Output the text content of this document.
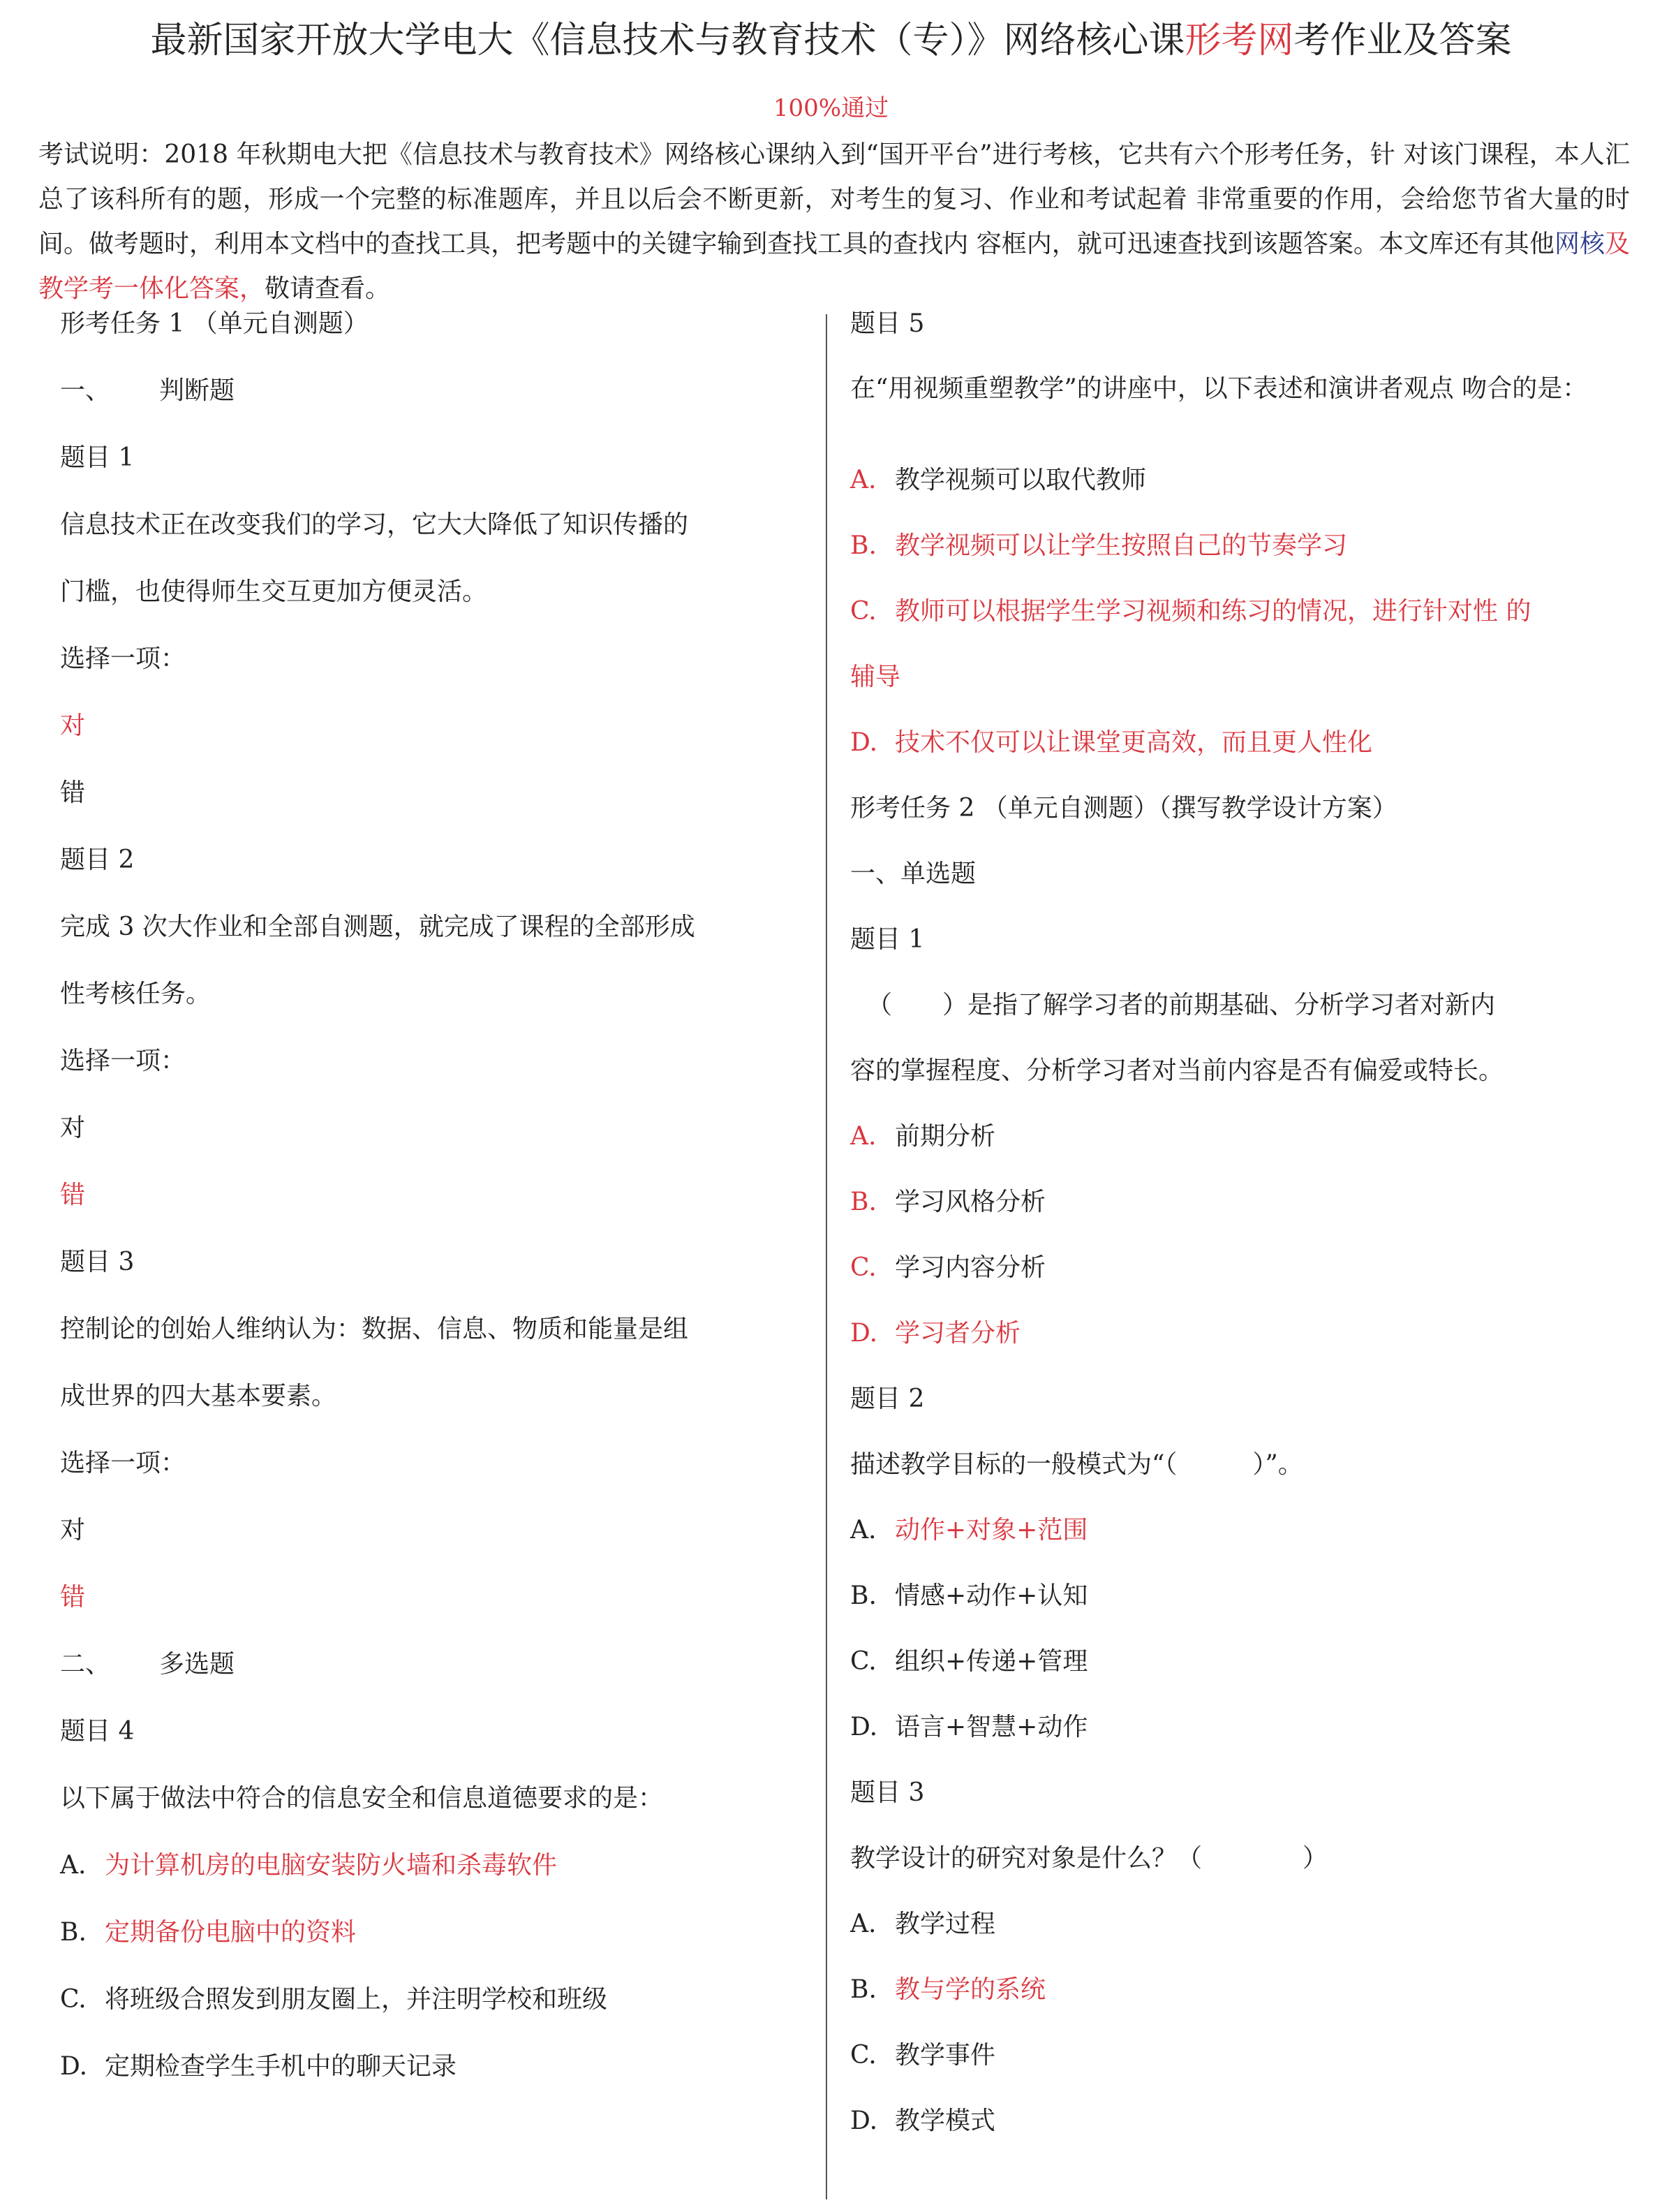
最新国家开放大学电大《信息技术与教育技术（专）》网络核心课形考网考作业及答案
100%通过

考试说明：2018 年秋期电大把《信息技术与教育技术》网络核心课纳入到“国开平台”进行考核，它共有六个形考任务，针 对该门课程，本人汇总了该科所有的题，形成一个完整的标准题库，并且以后会不断更新，对考生的复习、作业和考试起着 非常重要的作用，会给您节省大量的时间。做考题时，利用本文档中的查找工具，把考题中的关键字输到查找工具的查找内 容框内，就可迅速查找到该题答案。本文库还有其他网核及教学考一体化答案，敬请查看。

形考任务 1 （单元自测题）
一、 判断题
题目 1
信息技术正在改变我们的学习，它大大降低了知识传播的
门槛，也使得师生交互更加方便灵活。
选择一项：
对
错
题目 2
完成 3 次大作业和全部自测题，就完成了课程的全部形成
性考核任务。
选择一项：
对
错
题目 3
控制论的创始人维纳认为：数据、信息、物质和能量是组
成世界的四大基本要素。
选择一项：
对
错
二、 多选题
题目 4
以下属于做法中符合的信息安全和信息道德要求的是：
A. 为计算机房的电脑安装防火墙和杀毒软件
B. 定期备份电脑中的资料
C. 将班级合照发到朋友圈上，并注明学校和班级
D. 定期检查学生手机中的聊天记录
题目 5
在“用视频重塑教学”的讲座中，以下表述和演讲者观点 吻合的是：
A. 教学视频可以取代教师
B. 教学视频可以让学生按照自己的节奏学习
C. 教师可以根据学生学习视频和练习的情况，进行针对性 的
辅导
D. 技术不仅可以让课堂更高效，而且更人性化
形考任务 2 （单元自测题）（撰写教学设计方案）
一、单选题
题目 1
（　　）是指了解学习者的前期基础、分析学习者对新内
容的掌握程度、分析学习者对当前内容是否有偏爱或特长。
A. 前期分析
B. 学习风格分析
C. 学习内容分析
D. 学习者分析
题目 2
描述教学目标的一般模式为“（　　　）”。
A. 动作+对象+范围
B. 情感+动作+认知
C. 组织+传递+管理
D. 语言+智慧+动作
题目 3
教学设计的研究对象是什么？（　　　　）
A. 教学过程
B. 教与学的系统
C. 教学事件
D. 教学模式
